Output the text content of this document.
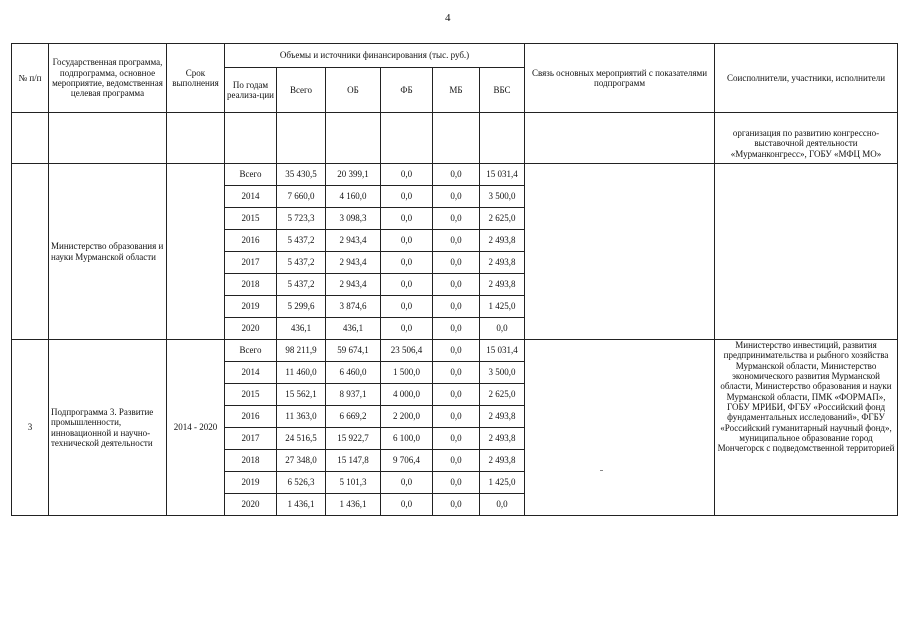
4
№ п/п	Государственная программа, подпрограмма, основное мероприятие, ведомственная целевая программа	Срок выполнения	Объемы и источники финансирования (тыс. руб.)						Связь основных мероприятий с показателями подпрограмм	Соисполнители, участники, исполнители
			По годам реализа-ции	Всего	ОБ	ФБ	МБ	ВБС		
										организация по развитию конгрессно-выставочной деятельности «Мурманконгресс», ГОБУ «МФЦ МО»
	Министерство образования и науки Мурманской области		Всего	35 430,5	20 399,1	0,0	0,0	15 031,4		
			2014	7 660,0	4 160,0	0,0	0,0	3 500,0		
			2015	5 723,3	3 098,3	0,0	0,0	2 625,0		
			2016	5 437,2	2 943,4	0,0	0,0	2 493,8		
			2017	5 437,2	2 943,4	0,0	0,0	2 493,8		
			2018	5 437,2	2 943,4	0,0	0,0	2 493,8		
			2019	5 299,6	3 874,6	0,0	0,0	1 425,0		
			2020	436,1	436,1	0,0	0,0	0,0		
3	Подпрограмма 3. Развитие промышленности, инновационной и научно-технической деятельности	2014 - 2020	Всего	98 211,9	59 674,1	23 506,4	0,0	15 031,4		Министерство инвестиций, развития предпринимательства и рыбного хозяйства Мурманской области, Министерство экономического развития Мурманской области, Министерство образования и науки Мурманской области, ПМК «ФОРМАП», ГОБУ МРИБИ, ФГБУ «Российский фонд фундаментальных исследований», ФГБУ «Российский гуманитарный научный фонд», муниципальное образование город Мончегорск с подведомственной территорией
			2014	11 460,0	6 460,0	1 500,0	0,0	3 500,0		
			2015	15 562,1	8 937,1	4 000,0	0,0	2 625,0		
			2016	11 363,0	6 669,2	2 200,0	0,0	2 493,8		
			2017	24 516,5	15 922,7	6 100,0	0,0	2 493,8		
			2018	27 348,0	15 147,8	9 706,4	0,0	2 493,8		
			2019	6 526,3	5 101,3	0,0	0,0	1 425,0		
			2020	1 436,1	1 436,1	0,0	0,0	0,0		
